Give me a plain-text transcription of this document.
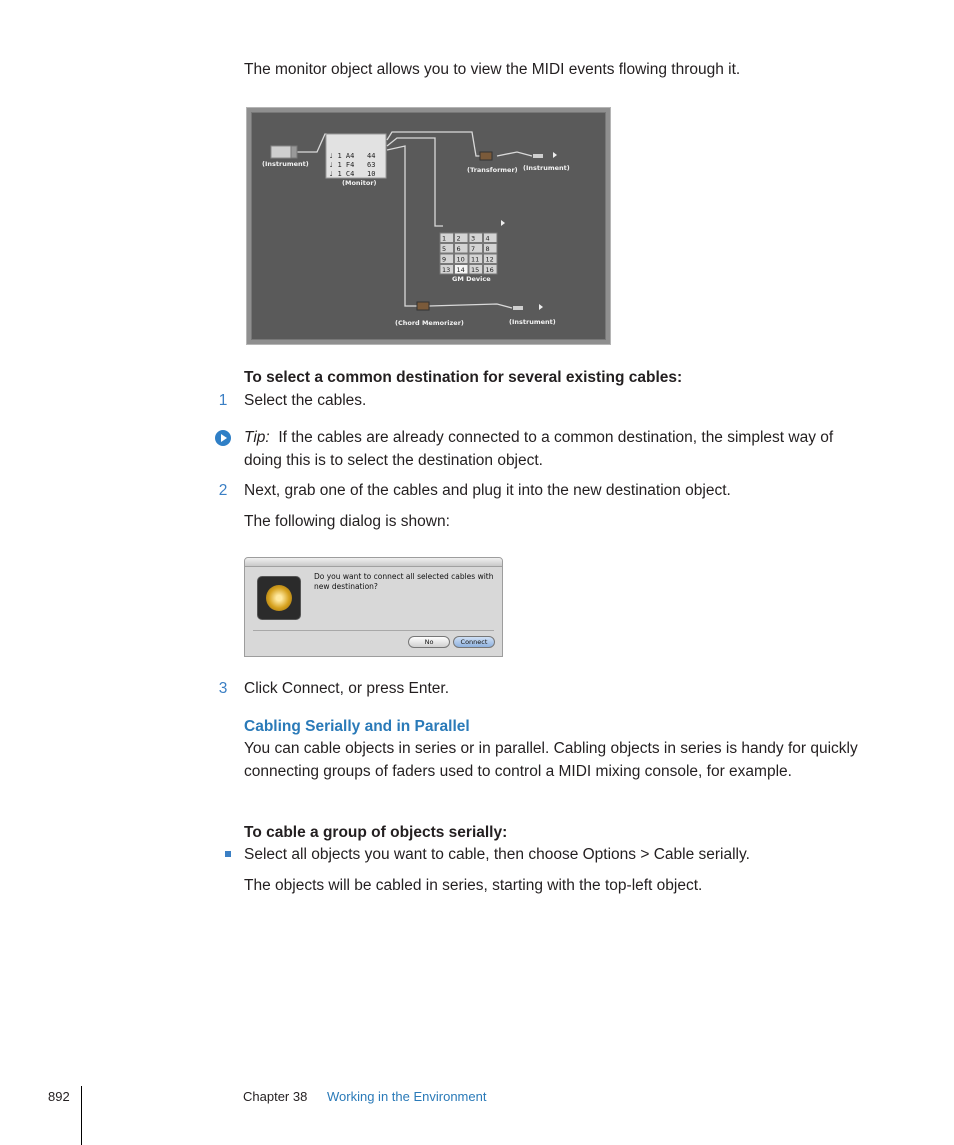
The monitor object allows you to view the MIDI events flowing through it.

(Instrument)
♩ 1 A4 44
♩ 1 F4 63
♩ 1 C4 10
(Monitor)
(Transformer) (Instrument)
1 2 3 4
5 6 7 8
9 10 11 12
13 14 15 16
GM Device
(Chord Memorizer)	(Instrument)

To select a common destination for several existing cables:

1	Select the cables.

Tip: If the cables are already connected to a common destination, the simplest way of doing this is to select the destination object.

2	Next, grab one of the cables and plug it into the new destination object.

The following dialog is shown:

Do you want to connect all selected cables with new destination?
No	Connect
3	Click Connect, or press Enter.

Cabling Serially and in Parallel

You can cable objects in series or in parallel. Cabling objects in series is handy for quickly connecting groups of faders used to control a MIDI mixing console, for example.

To cable a group of objects serially:

Select all objects you want to cable, then choose Options > Cable serially.

The objects will be cabled in series, starting with the top-left object.

892	Chapter 38 Working in the Environment
